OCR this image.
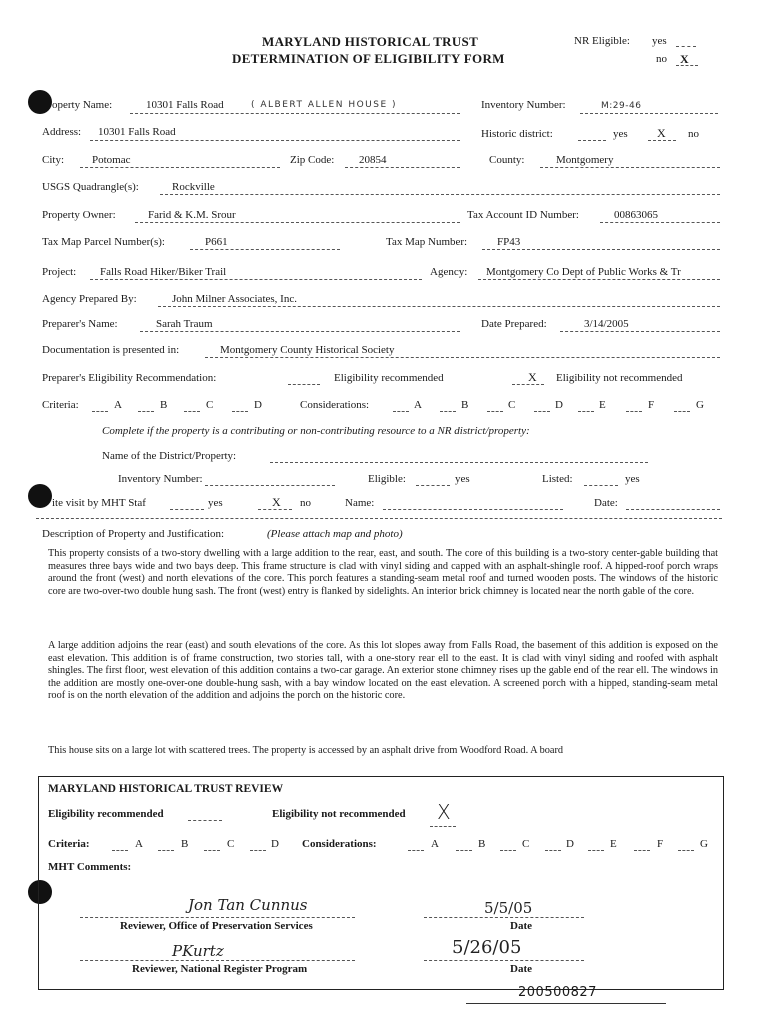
MARYLAND HISTORICAL TRUST
DETERMINATION OF ELIGIBILITY FORM
NR Eligible: yes
no X
operty Name:	10301 Falls Road	( ALBERT ALLEN HOUSE )	Inventory Number:	M:29-46
Address: 10301 Falls Road	Historic district:	yes X no
City:	Potomac	Zip Code: 20854	County:	Montgomery
USGS Quadrangle(s):	Rockville
Property Owner:	Farid & K.M. Srour	Tax Account ID Number:	00863065
Tax Map Parcel Number(s):	P661	Tax Map Number:	FP43
Project: Falls Road Hiker/Biker Trail	Agency: Montgomery Co Dept of Public Works & Tr
Agency Prepared By:	John Milner Associates, Inc.
Preparer's Name:	Sarah Traum	Date Prepared:	3/14/2005
Documentation is presented in:	Montgomery County Historical Society
Preparer's Eligibility Recommendation:	Eligibility recommended	X Eligibility not recommended
Criteria:	A	B	C	D	Considerations:	A	B	C	D	E	F	G
Complete if the property is a contributing or non-contributing resource to a NR district/property:
Name of the District/Property:
Inventory Number:	Eligible:	yes	Listed:	yes
ite visit by MHT Staf	yes	X no	Name:	Date:
Description of Property and Justification:	(Please attach map and photo)
This property consists of a two-story dwelling with a large addition to the rear, east, and south. The core of this building is a two-story center-gable building that measures three bays wide and two bays deep. This frame structure is clad with vinyl siding and capped with an asphalt-shingle roof. A hipped-roof porch wraps around the front (west) and north elevations of the core. This porch features a standing-seam metal roof and turned wooden posts. The windows of the historic core are two-over-two double hung sash. The front (west) entry is flanked by sidelights. An interior brick chimney is located near the north gable of the core.
A large addition adjoins the rear (east) and south elevations of the core. As this lot slopes away from Falls Road, the basement of this addition is exposed on the east elevation. This addition is of frame construction, two stories tall, with a one-story rear ell to the east. It is clad with vinyl siding and roofed with asphalt shingles. The first floor, west elevation of this addition contains a two-car garage. An exterior stone chimney rises up the gable end of the rear ell. The windows in the addition are mostly one-over-one double-hung sash, with a bay window located on the east elevation. A screened porch with a hipped, standing-seam metal roof is on the north elevation of the addition and adjoins the porch on the historic core.
This house sits on a large lot with scattered trees. The property is accessed by an asphalt drive from Woodford Road. A board
MARYLAND HISTORICAL TRUST REVIEW
Eligibility recommended	Eligibility not recommended X
Criteria:	A	B	C	D Considerations:	A	B	C	D	E	F	G
MHT Comments:
Jon Tan Cunnus
Reviewer, Office of Preservation Services
5/5/05
Date
PKurtz
Reviewer, National Register Program
5/26/05
Date
200500827
